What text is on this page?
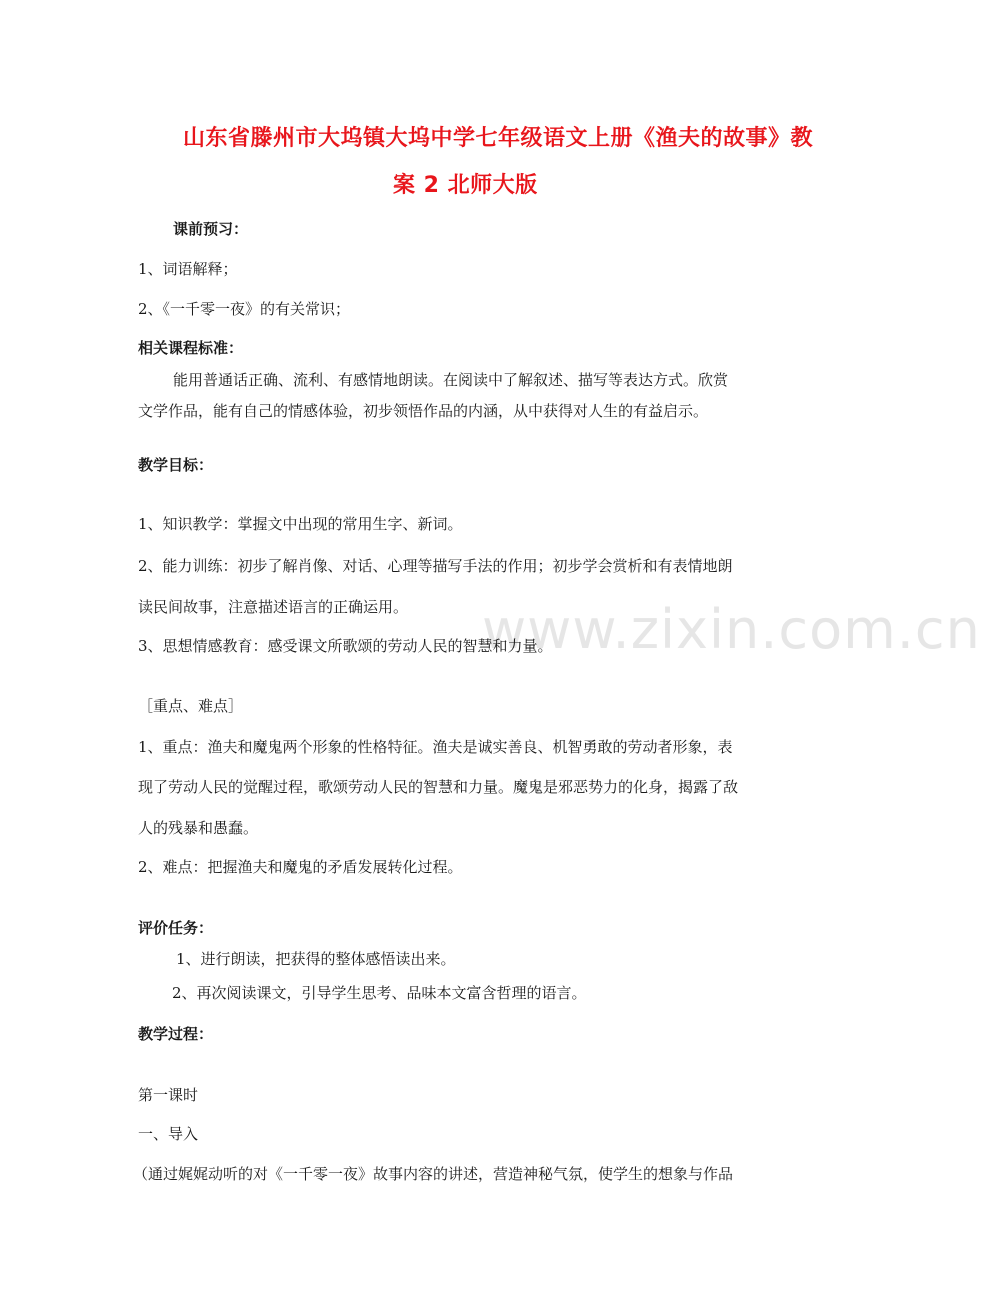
www.zixin.com.cn
山东省滕州市大坞镇大坞中学七年级语文上册《渔夫的故事》教
案 2 北师大版
课前预习：
1、词语解释；
2、《一千零一夜》的有关常识；
相关课程标准：
能用普通话正确、流利、有感情地朗读。在阅读中了解叙述、描写等表达方式。欣赏
文学作品，能有自己的情感体验，初步领悟作品的内涵，从中获得对人生的有益启示。
教学目标：
1、知识教学：掌握文中出现的常用生字、新词。
2、能力训练：初步了解肖像、对话、心理等描写手法的作用；初步学会赏析和有表情地朗
读民间故事，注意描述语言的正确运用。
3、思想情感教育：感受课文所歌颂的劳动人民的智慧和力量。
［重点、难点］
1、重点：渔夫和魔鬼两个形象的性格特征。渔夫是诚实善良、机智勇敢的劳动者形象，表
现了劳动人民的觉醒过程，歌颂劳动人民的智慧和力量。魔鬼是邪恶势力的化身，揭露了敌
人的残暴和愚蠢。
2、难点：把握渔夫和魔鬼的矛盾发展转化过程。
评价任务：
1、进行朗读，把获得的整体感悟读出来。
2、再次阅读课文，引导学生思考、品味本文富含哲理的语言。
教学过程：
第一课时
一、导入
（通过娓娓动听的对《一千零一夜》故事内容的讲述，营造神秘气氛，使学生的想象与作品
